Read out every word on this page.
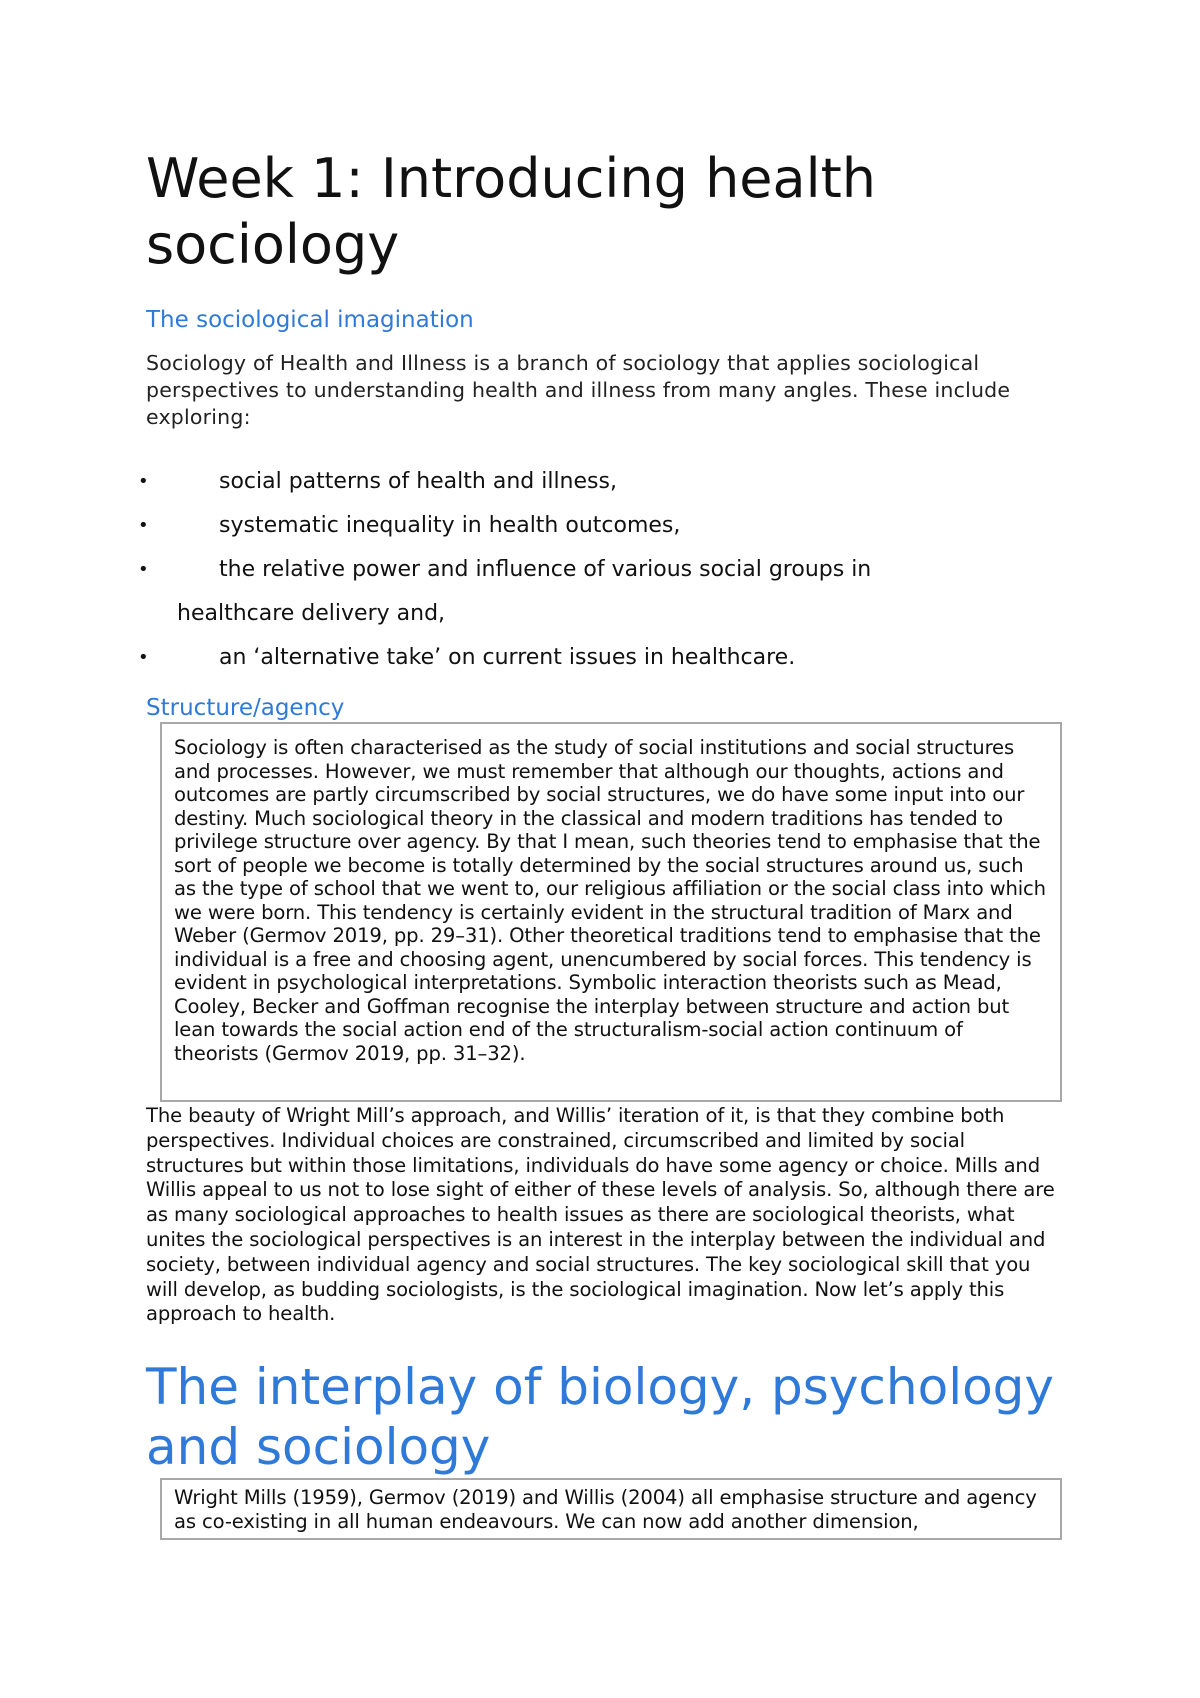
Week 1: Introducing health sociology
The sociological imagination

Sociology of Health and Illness is a branch of sociology that applies sociological perspectives to understanding health and illness from many angles. These include exploring:

•	social patterns of health and illness,
•	systematic inequality in health outcomes,
•	the relative power and influence of various social groups in
healthcare delivery and,
•	an ‘alternative take’ on current issues in healthcare.
Structure/agency

Sociology is often characterised as the study of social institutions and social structures and processes. However, we must remember that although our thoughts, actions and outcomes are partly circumscribed by social structures, we do have some input into our destiny. Much sociological theory in the classical and modern traditions has tended to privilege structure over agency. By that I mean, such theories tend to emphasise that the sort of people we become is totally determined by the social structures around us, such as the type of school that we went to, our religious affiliation or the social class into which we were born. This tendency is certainly evident in the structural tradition of Marx and Weber (Germov 2019, pp. 29–31). Other theoretical traditions tend to emphasise that the individual is a free and choosing agent, unencumbered by social forces. This tendency is evident in psychological interpretations. Symbolic interaction theorists such as Mead, Cooley, Becker and Goffman recognise the interplay between structure and action but lean towards the social action end of the structuralism-social action continuum of theorists (Germov 2019, pp. 31–32).

The beauty of Wright Mill’s approach, and Willis’ iteration of it, is that they combine both perspectives. Individual choices are constrained, circumscribed and limited by social structures but within those limitations, individuals do have some agency or choice. Mills and Willis appeal to us not to lose sight of either of these levels of analysis. So, although there are as many sociological approaches to health issues as there are sociological theorists, what unites the sociological perspectives is an interest in the interplay between the individual and society, between individual agency and social structures. The key sociological skill that you will develop, as budding sociologists, is the sociological imagination. Now let’s apply this approach to health.

The interplay of biology, psychology and sociology

Wright Mills (1959), Germov (2019) and Willis (2004) all emphasise structure and agency as co-existing in all human endeavours. We can now add another dimension,
